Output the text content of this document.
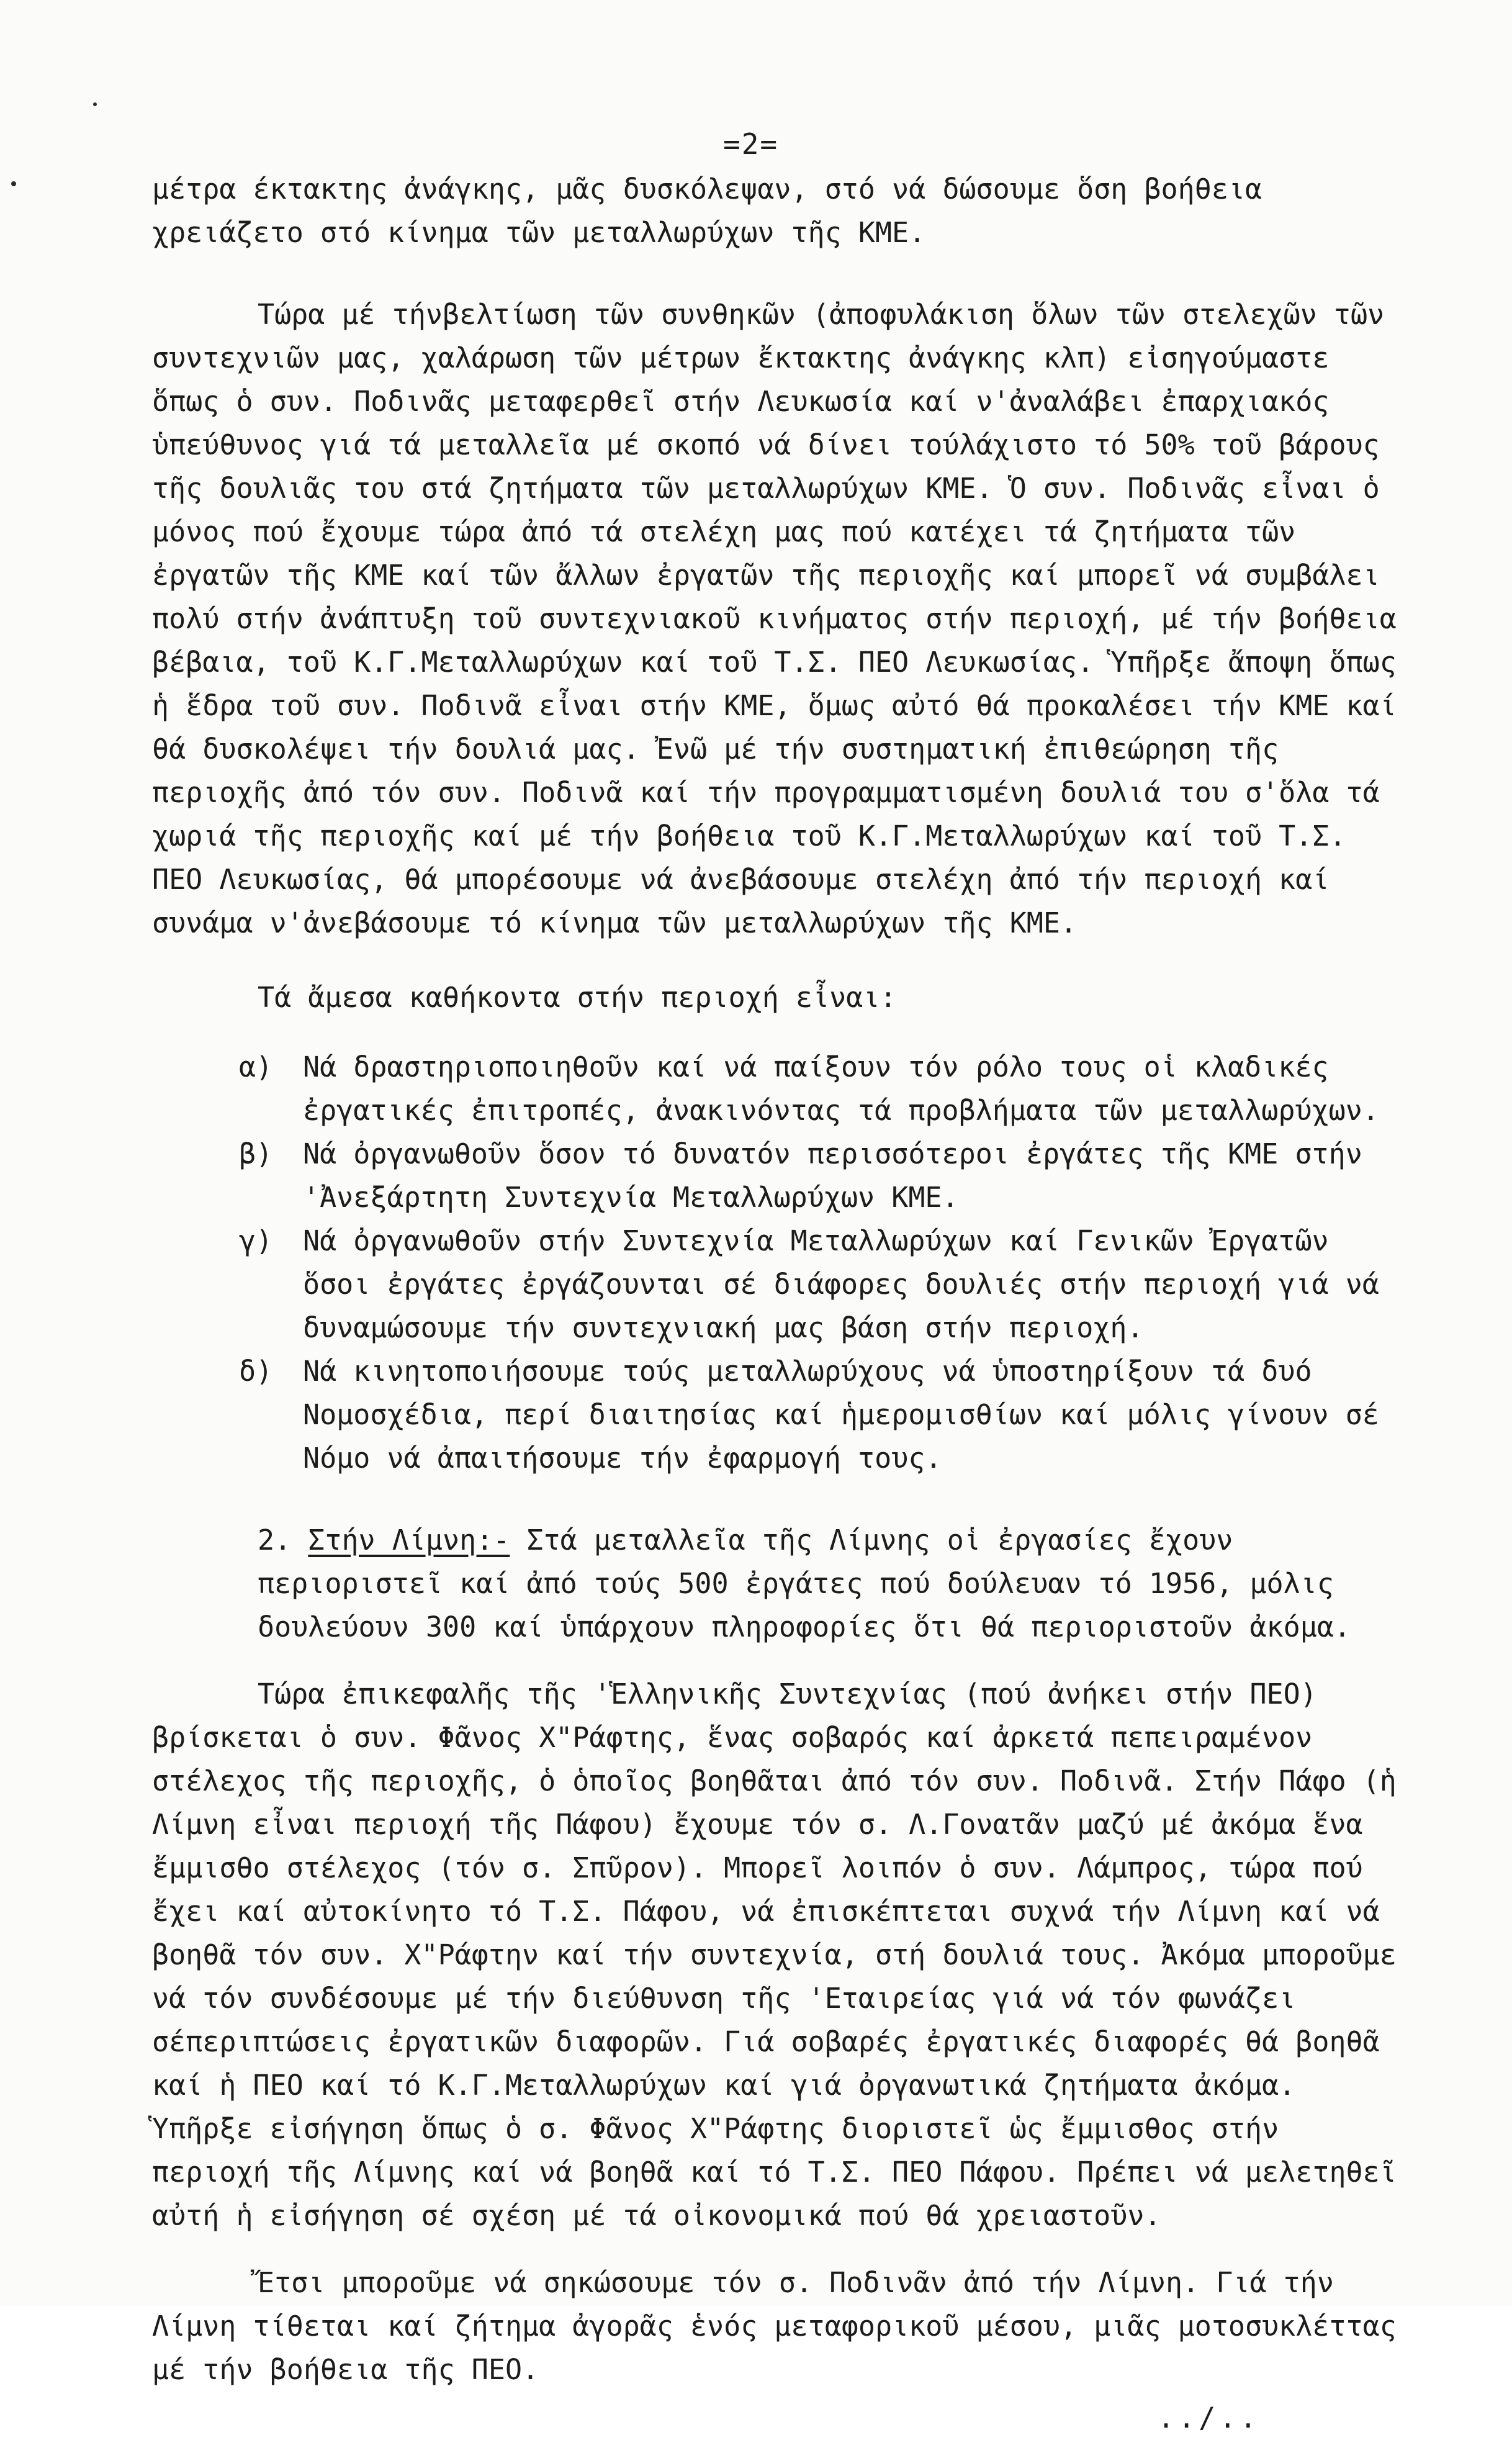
=2=

μέτρα έκτακτης ἀνάγκης, μᾶς δυσκόλεψαν, στό νά δώσουμε ὅση βοήθεια χρειάζετο στό κίνημα τῶν μεταλλωρύχων τῆς ΚΜΕ.

Τώρα μέ τήνβελτίωση τῶν συνθηκῶν (ἀποφυλάκιση ὅλων τῶν στελεχῶν τῶν συντεχνιῶν μας, χαλάρωση τῶν μέτρων ἔκτακτης ἀνάγκης κλπ) εἰσηγούμαστε ὅπως ὁ συν. Ποδινᾶς μεταφερθεῖ στήν Λευκωσία καί ν'ἀναλάβει ἐπαρχιακός ὑπεύθυνος γιά τά μεταλλεῖα μέ σκοπό νά δίνει τούλάχιστο τό 50% τοῦ βάρους τῆς δουλιᾶς του στά ζητήματα τῶν μεταλλωρύχων ΚΜΕ. Ὁ συν. Ποδινᾶς εἶναι ὁ μόνος πού ἔχουμε τώρα ἀπό τά στελέχη μας πού κατέχει τά ζητήματα τῶν ἐργατῶν τῆς ΚΜΕ καί τῶν ἄλλων ἐργατῶν τῆς περιοχῆς καί μπορεῖ νά συμβάλει πολύ στήν ἀνάπτυξη τοῦ συντεχνιακοῦ κινήματος στήν περιοχή, μέ τήν βοήθεια βέβαια, τοῦ Κ.Γ.Μεταλλωρύχων καί τοῦ Τ.Σ. ΠΕΟ Λευκωσίας. Ὑπῆρξε ἄποψη ὅπως ἡ ἕδρα τοῦ συν. Ποδινᾶ εἶναι στήν ΚΜΕ, ὅμως αὐτό θά προκαλέσει τήν ΚΜΕ καί θά δυσκολέψει τήν δουλιά μας. Ἐνῶ μέ τήν συστηματική ἐπιθεώρηση τῆς περιοχῆς ἀπό τόν συν. Ποδινᾶ καί τήν προγραμματισμένη δουλιά του σ'ὅλα τά χωριά τῆς περιοχῆς καί μέ τήν βοήθεια τοῦ Κ.Γ.Μεταλλωρύχων καί τοῦ Τ.Σ. ΠΕΟ Λευκωσίας, θά μπορέσουμε νά ἀνεβάσουμε στελέχη ἀπό τήν περιοχή καί συνάμα ν'ἀνεβάσουμε τό κίνημα τῶν μεταλλωρύχων τῆς ΚΜΕ.

Τά ἄμεσα καθήκοντα στήν περιοχή εἶναι:

α) Νά δραστηριοποιηθοῦν καί νά παίξουν τόν ρόλο τους οἱ κλαδικές ἐργατικές ἐπιτροπές, ἀνακινόντας τά προβλήματα τῶν μεταλλωρύχων.
β) Νά ὀργανωθοῦν ὅσον τό δυνατόν περισσότεροι ἐργάτες τῆς ΚΜΕ στήν 'Ἀνεξάρτητη Συντεχνία Μεταλλωρύχων ΚΜΕ.
γ) Νά ὀργανωθοῦν στήν Συντεχνία Μεταλλωρύχων καί Γενικῶν Ἐργατῶν ὅσοι ἐργάτες ἐργάζουνται σέ διάφορες δουλιές στήν περιοχή γιά νά δυναμώσουμε τήν συντεχνιακή μας βάση στήν περιοχή.
δ) Νά κινητοποιήσουμε τούς μεταλλωρύχους νά ὑποστηρίξουν τά δυό Νομοσχέδια, περί διαιτησίας καί ἡμερομισθίων καί μόλις γίνουν σέ Νόμο νά ἀπαιτήσουμε τήν ἐφαρμογή τους.

2. Στήν Λίμνη:- Στά μεταλλεῖα τῆς Λίμνης οἱ ἐργασίες ἔχουν περιοριστεῖ καί ἀπό τούς 500 ἐργάτες πού δούλευαν τό 1956, μόλις δουλεύουν 300 καί ὑπάρχουν πληροφορίες ὅτι θά περιοριστοῦν ἀκόμα.

Τώρα ἐπικεφαλῆς τῆς 'Ἑλληνικῆς Συντεχνίας (πού ἀνήκει στήν ΠΕΟ) βρίσκεται ὁ συν. Φᾶνος Χ"Ράφτης, ἕνας σοβαρός καί ἀρκετά πεπειραμένον στέλεχος τῆς περιοχῆς, ὁ ὁποῖος βοηθᾶται ἀπό τόν συν. Ποδινᾶ. Στήν Πάφο (ἡ Λίμνη εἶναι περιοχή τῆς Πάφου) ἔχουμε τόν σ. Λ.Γονατᾶν μαζύ μέ ἀκόμα ἕνα ἔμμισθο στέλεχος (τόν σ. Σπῦρον). Μπορεῖ λοιπόν ὁ συν. Λάμπρος, τώρα πού ἔχει καί αὐτοκίνητο τό Τ.Σ. Πάφου, νά ἐπισκέπτεται συχνά τήν Λίμνη καί νά βοηθᾶ τόν συν. Χ"Ράφτην καί τήν συντεχνία, στή δουλιά τους. Ἀκόμα μποροῦμε νά τόν συνδέσουμε μέ τήν διεύθυνση τῆς 'Εταιρείας γιά νά τόν φωνάζει σέπεριπτώσεις ἐργατικῶν διαφορῶν. Γιά σοβαρές ἐργατικές διαφορές θά βοηθᾶ καί ἡ ΠΕΟ καί τό Κ.Γ.Μεταλλωρύχων καί γιά ὀργανωτικά ζητήματα ἀκόμα. Ὑπῆρξε εἰσήγηση ὅπως ὁ σ. Φᾶνος Χ"Ράφτης διοριστεῖ ὡς ἔμμισθος στήν περιοχή τῆς Λίμνης καί νά βοηθᾶ καί τό Τ.Σ. ΠΕΟ Πάφου. Πρέπει νά μελετηθεῖ αὐτή ἡ εἰσήγηση σέ σχέση μέ τά οἰκονομικά πού θά χρειαστοῦν.

Ἔτσι μποροῦμε νά σηκώσουμε τόν σ. Ποδινᾶν ἀπό τήν Λίμνη. Γιά τήν Λίμνη τίθεται καί ζήτημα ἀγορᾶς ἑνός μεταφορικοῦ μέσου, μιᾶς μοτοσυκλέττας μέ τήν βοήθεια τῆς ΠΕΟ.

../..
